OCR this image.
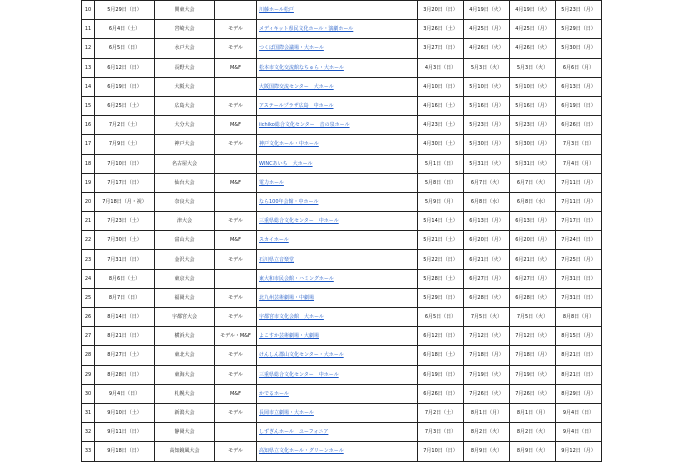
10	5月29日（日）	関東大会		川藤ホール松戸	3月20日（日）	4月19日（火）	4月19日（火）	5月23日（月）
11	6月4日（土）	宮崎大会	モデル	メディキット県民文化ホール・演劇ホール	3月26日（土）	4月25日（月）	4月25日（月）	5月29日（日）
12	6月5日（日）	水戸大会	モデル	つくば国際会議場・大ホール	3月27日（日）	4月26日（火）	4月26日（火）	5月30日（月）
13	6月12日（日）	長野大会	M&F	松本市文化交流館なちゅら・大ホール	4月3日（日）	5月3日（火）	5月3日（火）	6月6日（月）
14	6月19日（日）	大阪大会		大阪国際交流センター　大ホール	4月10日（日）	5月10日（火）	5月10日（火）	6月13日（月）
15	6月25日（土）	広島大会	モデル	アステールプラザ広島　中ホール	4月16日（土）	5月16日（月）	5月16日（月）	6月19日（日）
16	7月2日（土）	大分大会	M&F	iichiko総合文化センター　音の泉ホール	4月23日（土）	5月23日（月）	5月23日（月）	6月26日（日）
17	7月9日（土）	神戸大会	モデル	神戸文化ホール・中ホール	4月30日（土）	5月30日（月）	5月30日（月）	7月3日（日）
18	7月10日（日）	名古屋大会		WINCあいち　大ホール	5月1日（日）	5月31日（火）	5月31日（火）	7月4日（月）
19	7月17日（日）	仙台大会	M&F	電力ホール	5月8日（日）	6月7日（火）	6月7日（火）	7月11日（月）
20	7月18日（月・祝）	奈良大会		なら100年会館・中ホール	5月9日（月）	6月8日（水）	6月8日（水）	7月11日（月）
21	7月23日（土）	津大会	モデル	三重県総合文化センター　中ホール	5月14日（土）	6月13日（月）	6月13日（月）	7月17日（日）
22	7月30日（土）	富山大会	M&F	スカイホール	5月21日（土）	6月20日（月）	6月20日（月）	7月24日（日）
23	7月31日（日）	金沢大会	モデル	石川県立音楽堂	5月22日（日）	6月21日（火）	6月21日（火）	7月25日（月）
24	8月6日（土）	東京大会		東大和市民会館・ハミングホール	5月28日（土）	6月27日（月）	6月27日（月）	7月31日（日）
25	8月7日（日）	福岡大会	モデル	北九州芸術劇場・中劇場	5月29日（日）	6月28日（火）	6月28日（火）	7月31日（日）
26	8月14日（日）	宇都宮大会	モデル	宇都宮市文化会館　大ホール	6月5日（日）	7月5日（火）	7月5日（火）	8月8日（月）
27	8月21日（日）	横浜大会	モデル・M&F	よこすか芸術劇場・大劇場	6月12日（日）	7月12日（火）	7月12日（火）	8月15日（月）
28	8月27日（土）	東北大会	モデル	けんしん郡山文化センター・大ホール	6月18日（土）	7月18日（月）	7月18日（月）	8月21日（日）
29	8月28日（日）	東海大会	モデル	三重県総合文化センター　中ホール	6月19日（日）	7月19日（火）	7月19日（火）	8月21日（日）
30	9月4日（日）	札幌大会	M&F	かでるホール	6月26日（日）	7月26日（火）	7月26日（火）	8月29日（月）
31	9月10日（土）	新潟大会	モデル	長岡市立劇場・大ホール	7月2日（土）	8月1日（月）	8月1日（月）	9月4日（日）
32	9月11日（日）	静岡大会		しずぎんホール　ユーフォニア	7月3日（日）	8月2日（火）	8月2日（火）	9月4日（日）
33	9月18日（日）	高知鏡風大会	モデル	高知県立文化ホール・グリーンホール	7月10日（日）	8月9日（火）	8月9日（火）	9月12日（月）
